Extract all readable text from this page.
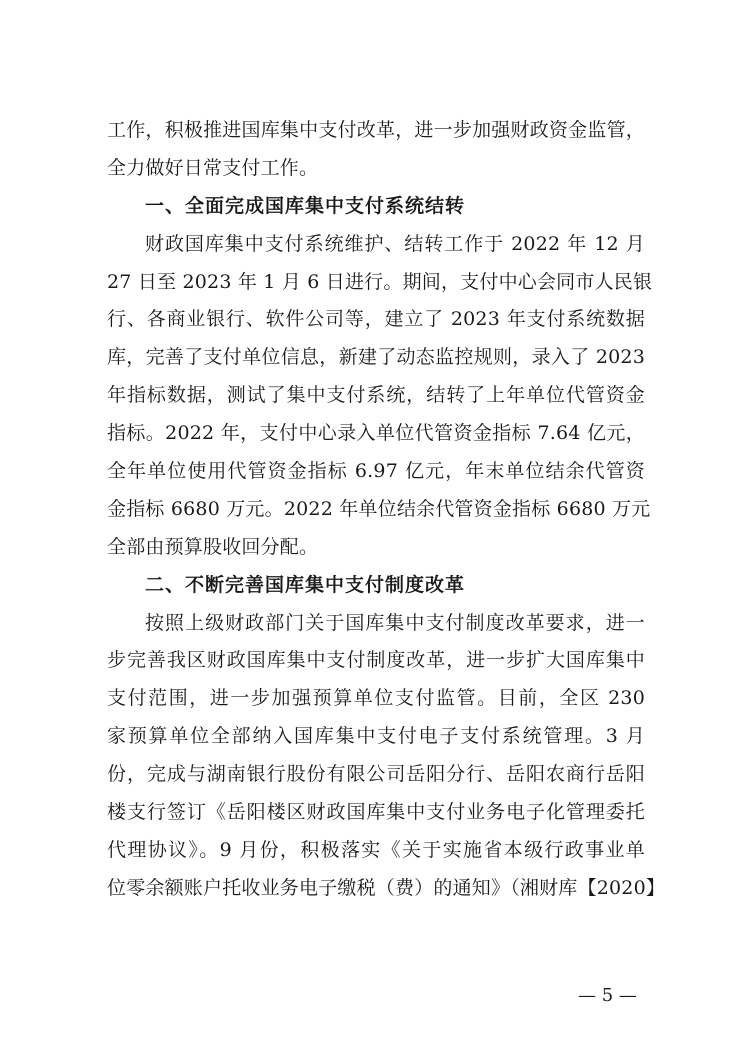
工作，积极推进国库集中支付改革，进一步加强财政资金监管，
全力做好日常支付工作。
一、全面完成国库集中支付系统结转
财政国库集中支付系统维护、结转工作于 2022 年 12 月
27 日至 2023 年 1 月 6 日进行。期间，支付中心会同市人民银
行、各商业银行、软件公司等，建立了 2023 年支付系统数据
库，完善了支付单位信息，新建了动态监控规则，录入了 2023
年指标数据，测试了集中支付系统，结转了上年单位代管资金
指标。2022 年，支付中心录入单位代管资金指标 7.64 亿元，
全年单位使用代管资金指标 6.97 亿元，年末单位结余代管资
金指标 6680 万元。2022 年单位结余代管资金指标 6680 万元
全部由预算股收回分配。
二、不断完善国库集中支付制度改革
按照上级财政部门关于国库集中支付制度改革要求，进一
步完善我区财政国库集中支付制度改革，进一步扩大国库集中
支付范围，进一步加强预算单位支付监管。目前，全区 230
家预算单位全部纳入国库集中支付电子支付系统管理。3 月
份，完成与湖南银行股份有限公司岳阳分行、岳阳农商行岳阳
楼支行签订《岳阳楼区财政国库集中支付业务电子化管理委托
代理协议》。9 月份，积极落实《关于实施省本级行政事业单
位零余额账户托收业务电子缴税（费）的通知》（湘财库【2020】
— 5 —
